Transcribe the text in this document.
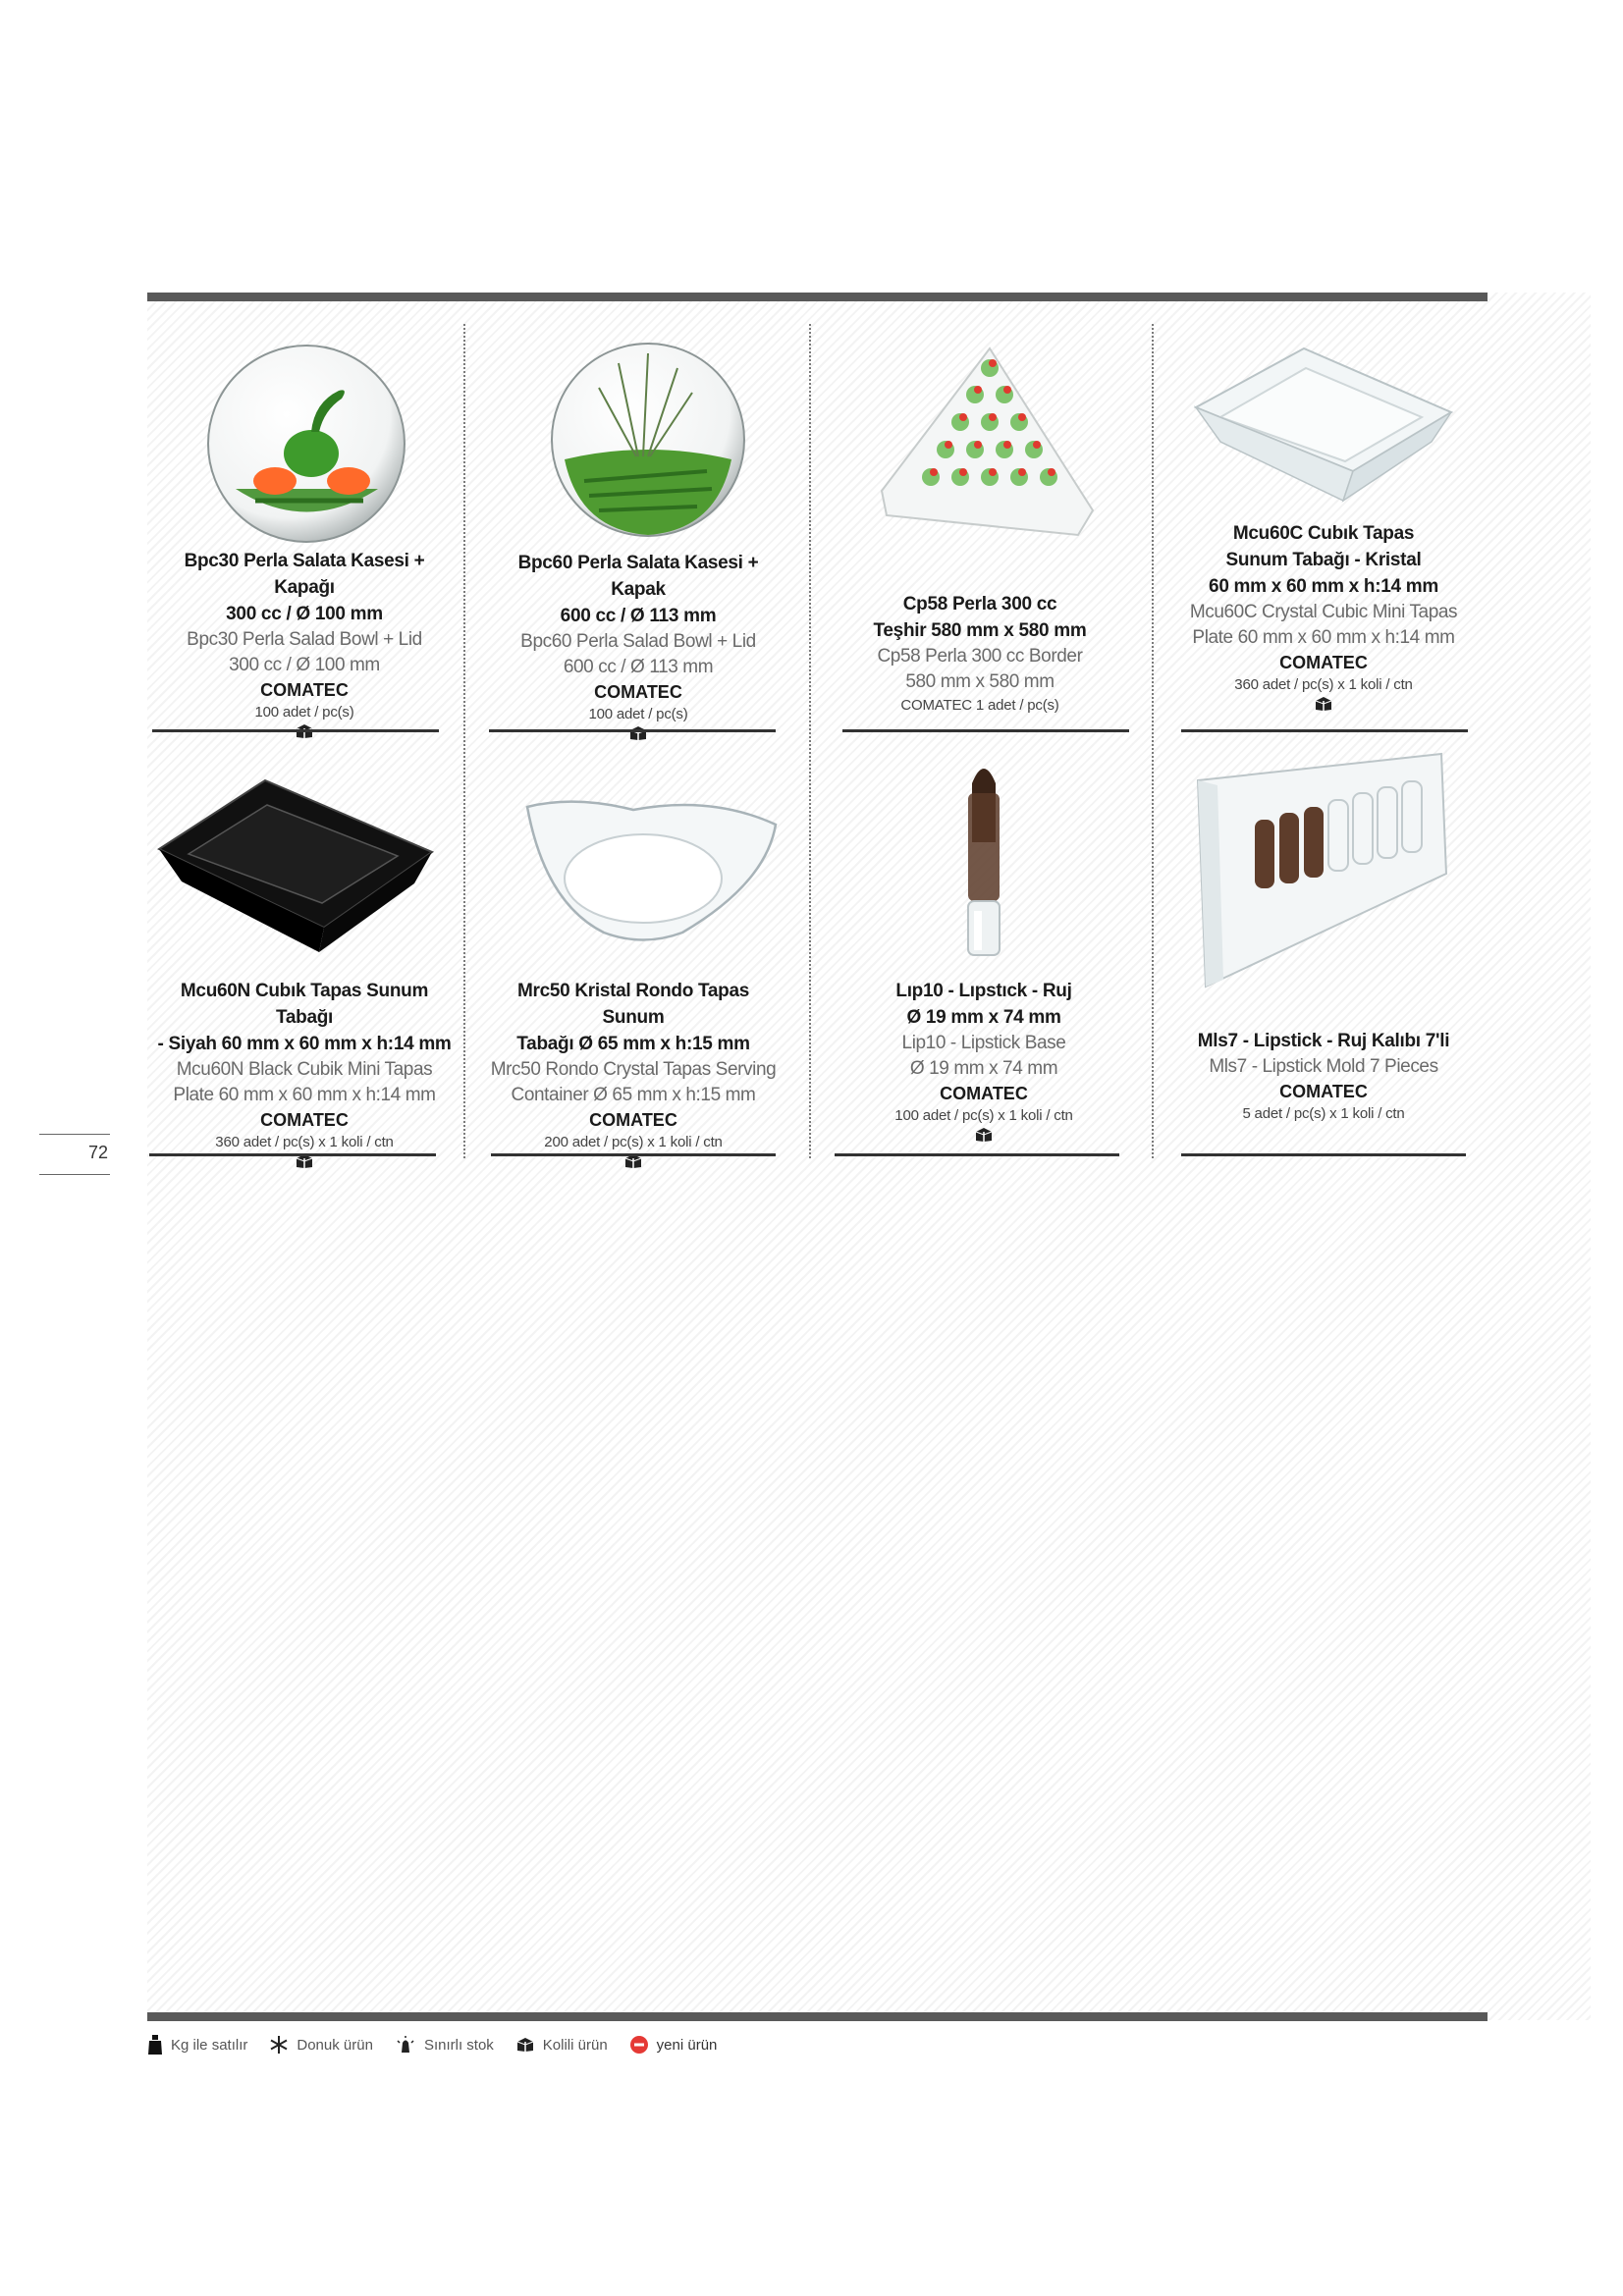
Bpc30 Perla Salata Kasesi + Kapağı
300 cc / Ø 100 mm
Bpc30 Perla Salad Bowl + Lid
300 cc / Ø 100 mm
COMATEC
100 adet / pc(s)
Bpc60 Perla Salata Kasesi + Kapak
600 cc / Ø 113 mm
Bpc60 Perla Salad Bowl + Lid
600 cc / Ø 113 mm
COMATEC
100 adet / pc(s)
Cp58 Perla 300 cc
Teşhir 580 mm x 580 mm
Cp58 Perla 300 cc Border
580 mm x 580 mm
COMATEC 1 adet / pc(s)
Mcu60C Cubık Tapas
Sunum Tabağı - Kristal
60 mm x 60 mm x h:14 mm
Mcu60C Crystal Cubic Mini Tapas
Plate 60 mm x 60 mm x h:14 mm
COMATEC
360 adet / pc(s) x 1 koli / ctn
Mcu60N Cubık Tapas Sunum Tabağı
- Siyah 60 mm x 60 mm x h:14 mm
Mcu60N Black Cubik Mini Tapas
Plate 60 mm x 60 mm x h:14 mm
COMATEC
360 adet / pc(s) x 1 koli / ctn
Mrc50 Kristal Rondo Tapas Sunum
Tabağı Ø 65 mm x h:15 mm
Mrc50 Rondo Crystal Tapas Serving
Container Ø 65 mm x h:15 mm
COMATEC
200 adet / pc(s) x 1 koli / ctn
Lıp10 - Lıpstıck - Ruj
Ø 19 mm x 74 mm
Lip10 - Lipstick Base
Ø 19 mm x 74 mm
COMATEC
100 adet / pc(s) x 1 koli / ctn
Mls7 - Lipstick - Ruj Kalıbı 7'li
Mls7 - Lipstick Mold 7 Pieces
COMATEC
5 adet / pc(s) x 1 koli / ctn
72
Kg ile satılır	Donuk ürün	Sınırlı stok	Kolili ürün	yeni ürün
